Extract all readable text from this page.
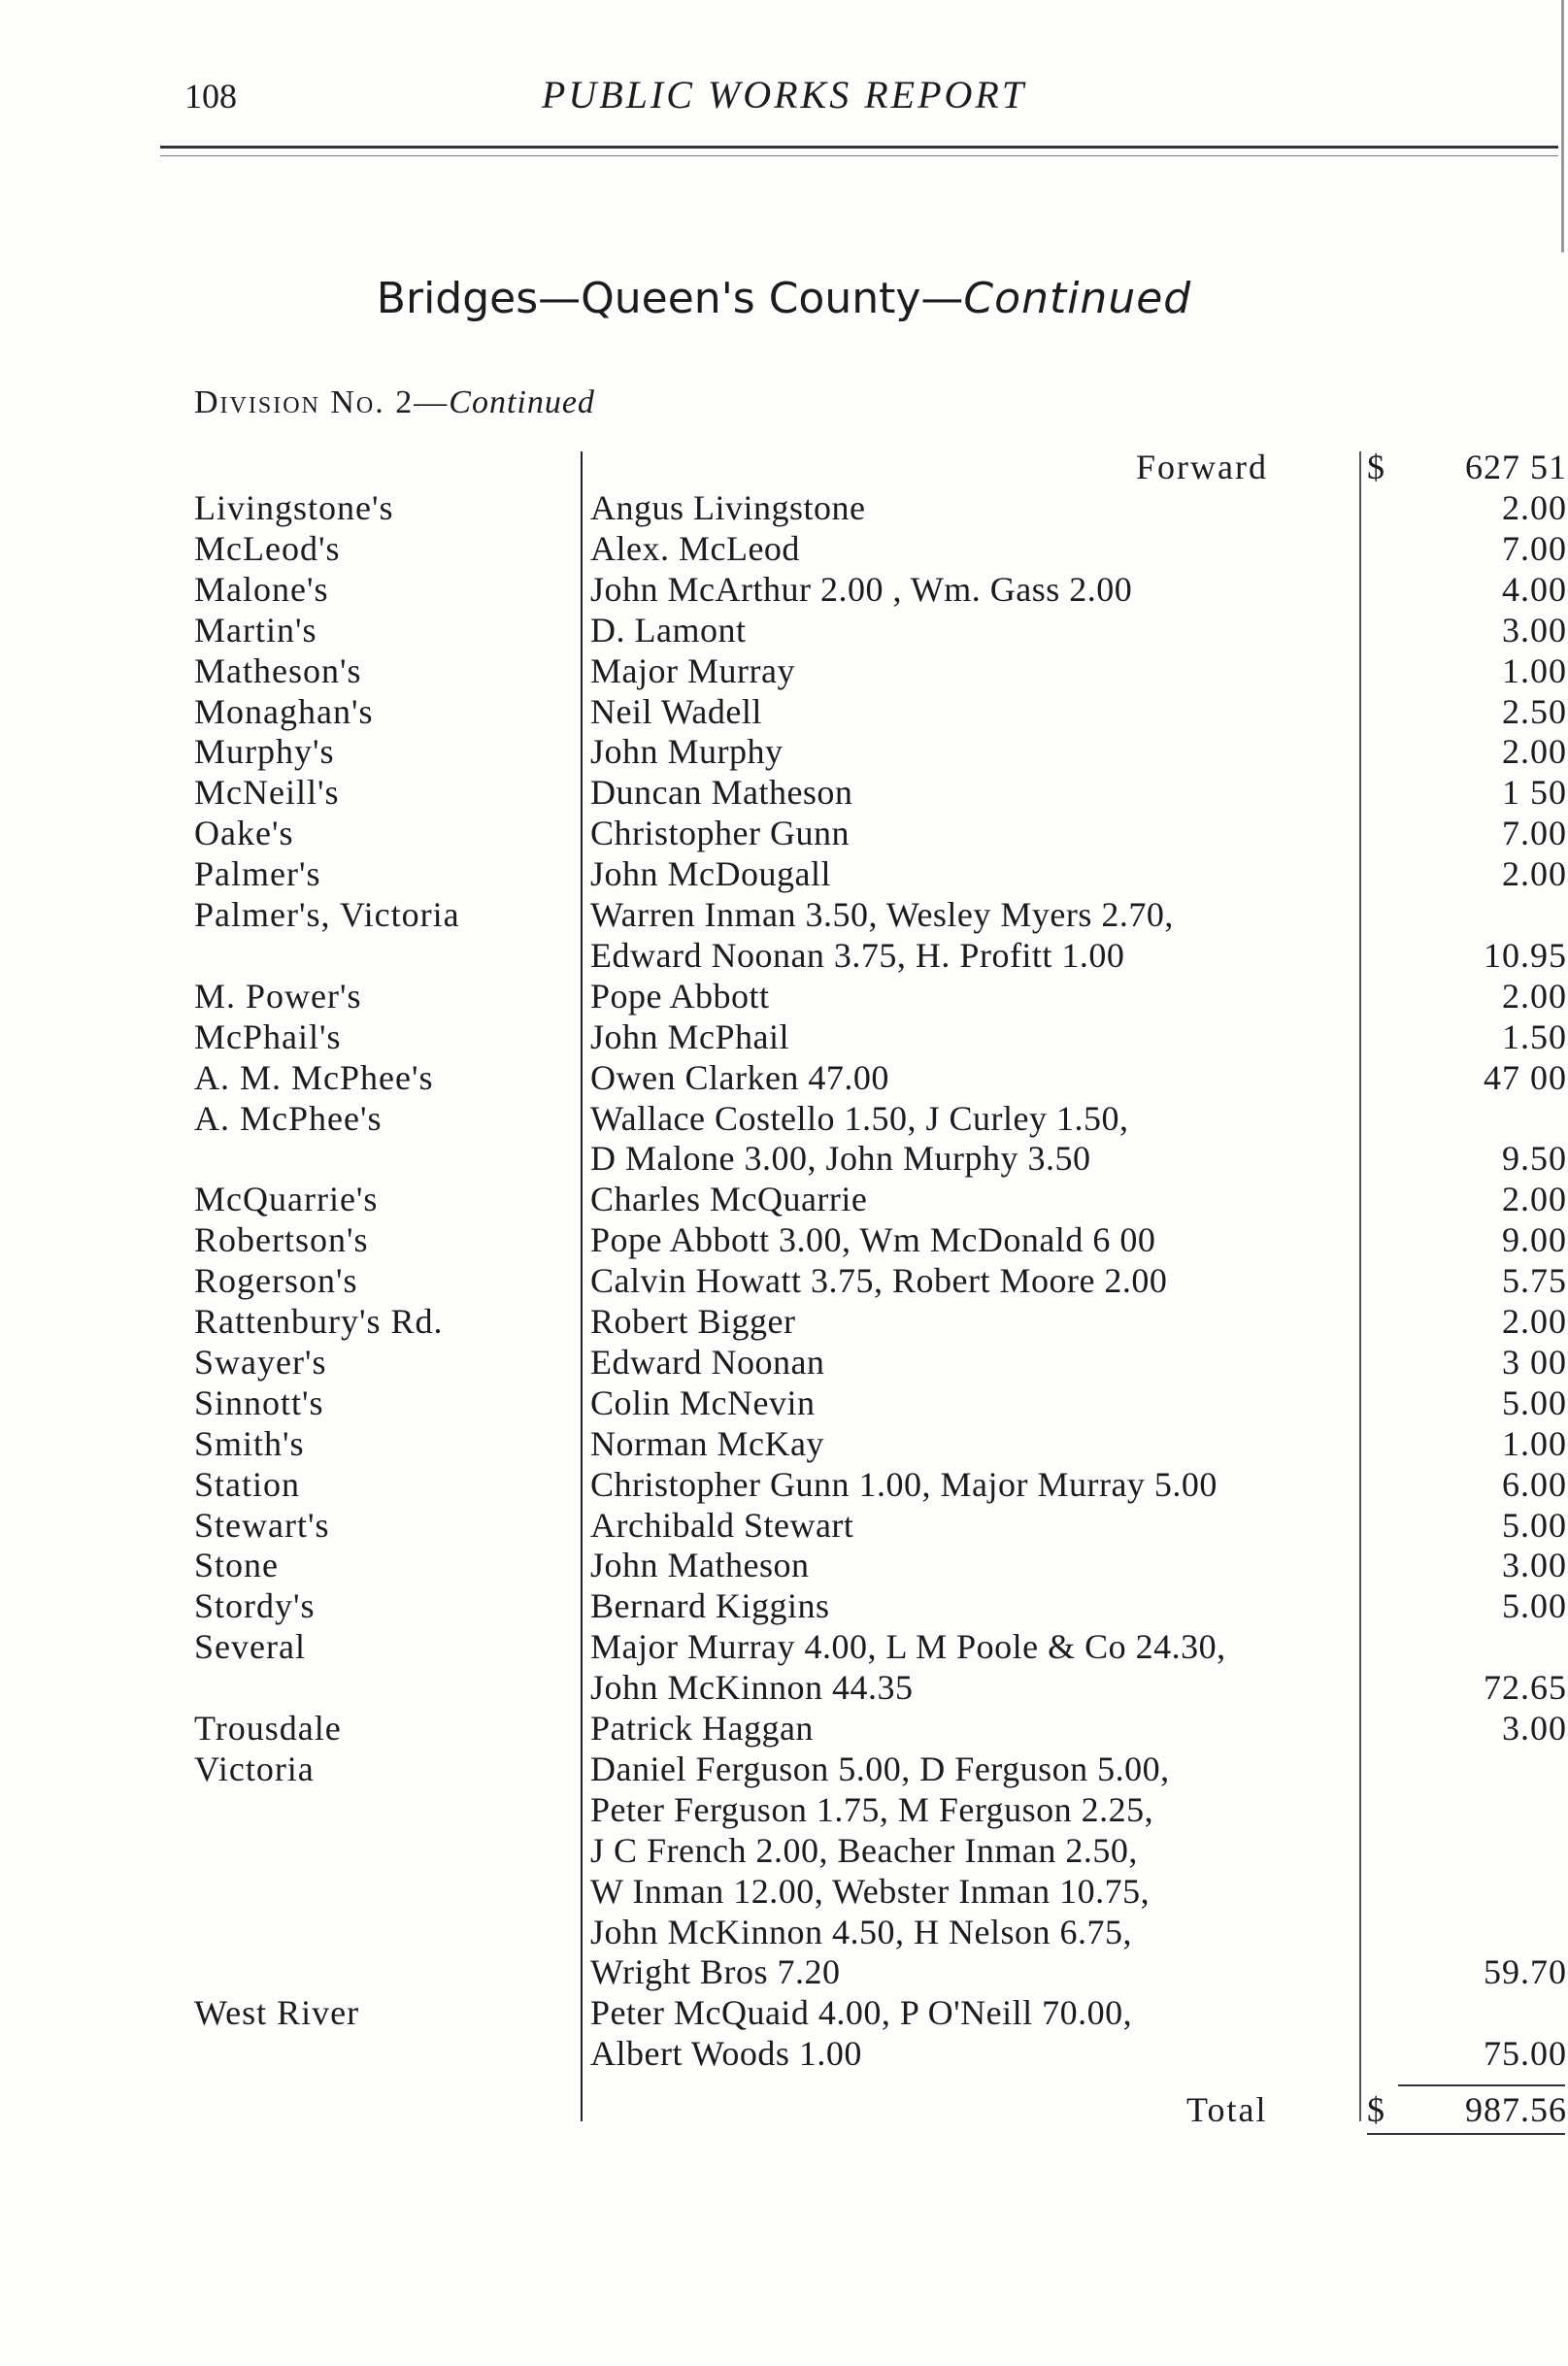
108	PUBLIC WORKS REPORT
Bridges—Queen's County—Continued
Division No. 2—Continued
Forward	$	627 51
Livingstone's	Angus Livingstone	2.00
McLeod's	Alex. McLeod	7.00
Malone's	John McArthur 2.00 , Wm. Gass 2.00	4.00
Martin's	D. Lamont	3.00
Matheson's	Major Murray	1.00
Monaghan's	Neil Wadell	2.50
Murphy's	John Murphy	2.00
McNeill's	Duncan Matheson	1 50
Oake's	Christopher Gunn	7.00
Palmer's	John McDougall	2.00
Palmer's, Victoria	Warren Inman 3.50, Wesley Myers 2.70,
Edward Noonan 3.75, H. Profitt 1.00	10.95
M. Power's	Pope Abbott	2.00
McPhail's	John McPhail	1.50
A. M. McPhee's	Owen Clarken 47.00	47 00
A. McPhee's	Wallace Costello 1.50, J Curley 1.50,
D Malone 3.00, John Murphy 3.50	9.50
McQuarrie's	Charles McQuarrie	2.00
Robertson's	Pope Abbott 3.00, Wm McDonald 6 00	9.00
Rogerson's	Calvin Howatt 3.75, Robert Moore 2.00	5.75
Rattenbury's Rd.	Robert Bigger	2.00
Swayer's	Edward Noonan	3 00
Sinnott's	Colin McNevin	5.00
Smith's	Norman McKay	1.00
Station	Christopher Gunn 1.00, Major Murray 5.00	6.00
Stewart's	Archibald Stewart	5.00
Stone	John Matheson	3.00
Stordy's	Bernard Kiggins	5.00
Several	Major Murray 4.00, L M Poole & Co 24.30,
John McKinnon 44.35	72.65
Trousdale	Patrick Haggan	3.00
Victoria	Daniel Ferguson 5.00, D Ferguson 5.00,
Peter Ferguson 1.75, M Ferguson 2.25,
J C French 2.00, Beacher Inman 2.50,
W Inman 12.00, Webster Inman 10.75,
John McKinnon 4.50, H Nelson 6.75,
Wright Bros 7.20	59.70
West River	Peter McQuaid 4.00, P O'Neill 70.00,
Albert Woods 1.00	75.00
Total	$	987.56
